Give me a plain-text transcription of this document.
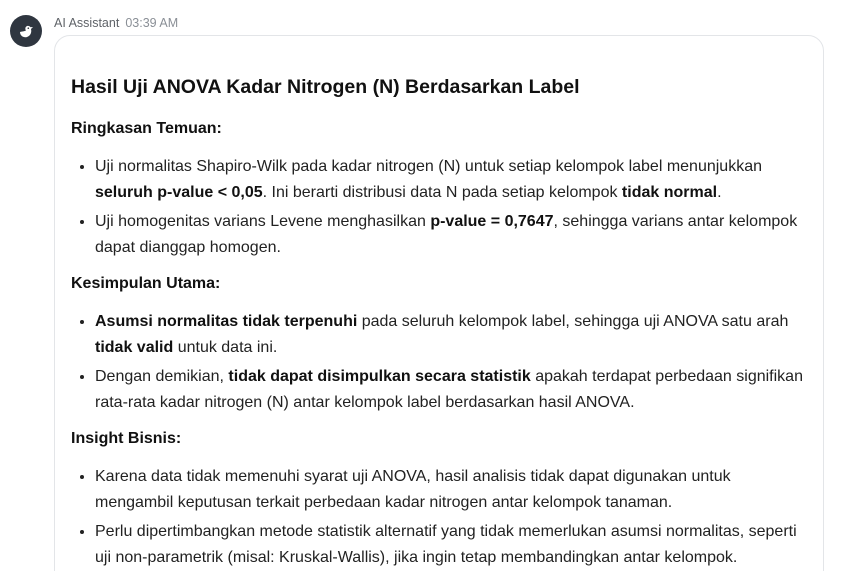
AI Assistant 03:39 AM
Hasil Uji ANOVA Kadar Nitrogen (N) Berdasarkan Label
Ringkasan Temuan:
• Uji normalitas Shapiro-Wilk pada kadar nitrogen (N) untuk setiap kelompok label menunjukkan seluruh p-value < 0,05. Ini berarti distribusi data N pada setiap kelompok tidak normal.
• Uji homogenitas varians Levene menghasilkan p-value = 0,7647, sehingga varians antar kelompok dapat dianggap homogen.
Kesimpulan Utama:
• Asumsi normalitas tidak terpenuhi pada seluruh kelompok label, sehingga uji ANOVA satu arah tidak valid untuk data ini.
• Dengan demikian, tidak dapat disimpulkan secara statistik apakah terdapat perbedaan signifikan rata-rata kadar nitrogen (N) antar kelompok label berdasarkan hasil ANOVA.
Insight Bisnis:
• Karena data tidak memenuhi syarat uji ANOVA, hasil analisis tidak dapat digunakan untuk mengambil keputusan terkait perbedaan kadar nitrogen antar kelompok tanaman.
• Perlu dipertimbangkan metode statistik alternatif yang tidak memerlukan asumsi normalitas, seperti uji non-parametrik (misal: Kruskal-Wallis), jika ingin tetap membandingkan antar kelompok.
